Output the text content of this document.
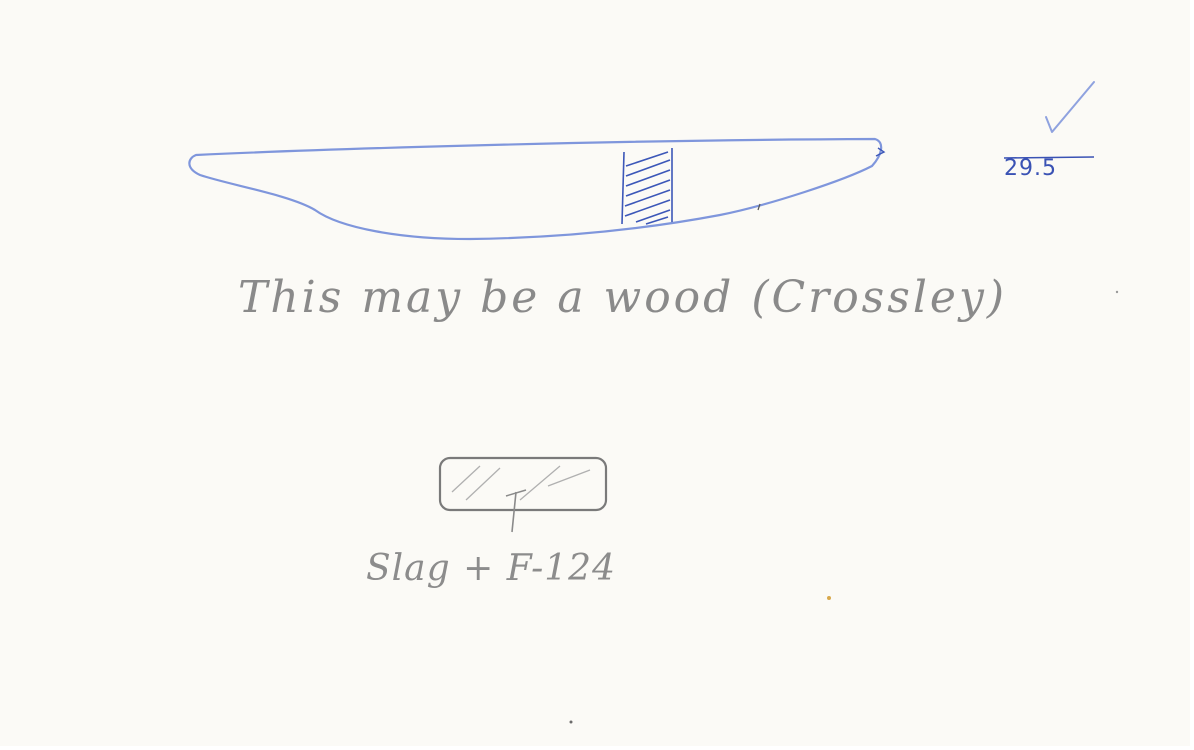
29.5
This may be a wood (Crossley)
Slag + F-124
